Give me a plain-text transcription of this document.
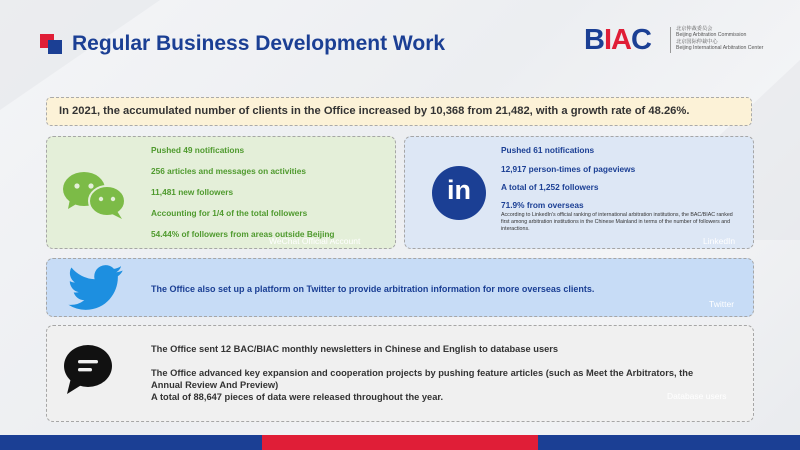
Regular Business Development Work	BIAC	北京仲裁委员会
Beijing Arbitration Commission
北京国际仲裁中心
Beijing International Arbitration Center
In 2021, the accumulated number of clients in the Office increased by 10,368 from 21,482, with a growth rate of 48.26%.
Pushed 49 notifications
256 articles and messages on activities
11,481 new followers
Accounting for 1/4 of the total followers
WeChat Official Account
54.44% of followers from areas outside Beijing
in
Pushed 61 notifications
12,917 person-times of pageviews
A total of 1,252 followers
71.9% from overseas
According to LinkedIn's official ranking of international arbitration institutions, the BAC/BIAC ranked first among arbitration institutions in the Chinese Mainland in terms of the number of followers and interactions.
LinkedIn
The Office also set up a platform on Twitter to provide arbitration information for more overseas clients.
Twitter
The Office sent 12 BAC/BIAC monthly newsletters in Chinese and English to database users
The Office advanced key expansion and cooperation projects by pushing feature articles (such as Meet the Arbitrators, the
Annual Review And Preview)
A total of 88,647 pieces of data were released throughout the year.	Database users
